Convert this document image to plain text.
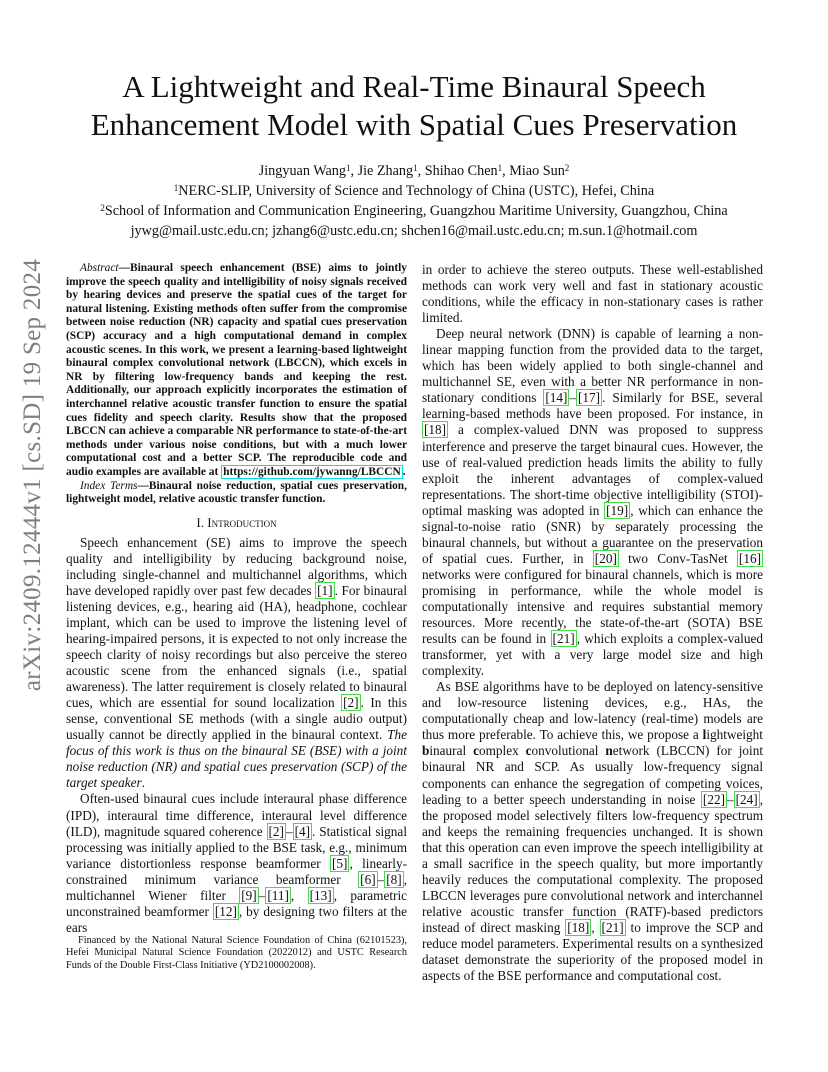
arXiv:2409.12444v1 [cs.SD] 19 Sep 2024
A Lightweight and Real-Time Binaural Speech
Enhancement Model with Spatial Cues Preservation
Jingyuan Wang$^1$, Jie Zhang$^1$, Shihao Chen$^1$, Miao Sun$^2$
$^1$NERC-SLIP, University of Science and Technology of China (USTC), Hefei, China
$^2$School of Information and Communication Engineering, Guangzhou Maritime University, Guangzhou, China
jywg@mail.ustc.edu.cn; jzhang6@ustc.edu.cn; shchen16@mail.ustc.edu.cn; m.sun.1@hotmail.com

Abstract—Binaural speech enhancement (BSE) aims to jointly improve the speech quality and intelligibility of noisy signals received by hearing devices and preserve the spatial cues of the target for natural listening. Existing methods often suffer from the compromise between noise reduction (NR) capacity and spatial cues preservation (SCP) accuracy and a high computational demand in complex acoustic scenes. In this work, we present a learning-based lightweight binaural complex convolutional network (LBCCN), which excels in NR by filtering low-frequency bands and keeping the rest. Additionally, our approach explicitly incorporates the estimation of interchannel relative acoustic transfer function to ensure the spatial cues fidelity and speech clarity. Results show that the proposed LBCCN can achieve a comparable NR performance to state-of-the-art methods under various noise conditions, but with a much lower computational cost and a better SCP. The reproducible code and audio examples are available at https://github.com/jywanng/LBCCN .

Index Terms—Binaural noise reduction, spatial cues preservation, lightweight model, relative acoustic transfer function.

I. Introduction

Speech enhancement (SE) aims to improve the speech quality and intelligibility by reducing background noise, including single-channel and multichannel algorithms, which have developed rapidly over past few decades [1] . For binaural listening devices, e.g., hearing aid (HA), headphone, cochlear implant, which can be used to improve the listening level of hearing-impaired persons, it is expected to not only increase the speech clarity of noisy recordings but also perceive the stereo acoustic scene from the enhanced signals (i.e., spatial awareness). The latter requirement is closely related to binaural cues, which are essential for sound localization [2] . In this sense, conventional SE methods (with a single audio output) usually cannot be directly applied in the binaural context. The focus of this work is thus on the binaural SE (BSE) with a joint noise reduction (NR) and spatial cues preservation (SCP) of the target speaker.

Often-used binaural cues include interaural phase difference (IPD), interaural time difference, interaural level difference (ILD), magnitude squared coherence [2] – [4] . Statistical signal processing was initially applied to the BSE task, e.g., minimum variance distortionless response beamformer [5] , linearly-constrained minimum variance beamformer [6] – [8] , multichannel Wiener filter [9] – [11] , [13] , parametric unconstrained beamformer [12] , by designing two filters at the ears

Financed by the National Natural Science Foundation of China (62101523), Hefei Municipal Natural Science Foundation (2022012) and USTC Research Funds of the Double First-Class Initiative (YD2100002008).

in order to achieve the stereo outputs. These well-established methods can work very well and fast in stationary acoustic conditions, while the efficacy in non-stationary cases is rather limited.

Deep neural network (DNN) is capable of learning a non-linear mapping function from the provided data to the target, which has been widely applied to both single-channel and multichannel SE, even with a better NR performance in non-stationary conditions [14] – [17] . Similarly for BSE, several learning-based methods have been proposed. For instance, in [18] a complex-valued DNN was proposed to suppress interference and preserve the target binaural cues. However, the use of real-valued prediction heads limits the ability to fully exploit the inherent advantages of complex-valued representations. The short-time objective intelligibility (STOI)-optimal masking was adopted in [19] , which can enhance the signal-to-noise ratio (SNR) by separately processing the binaural channels, but without a guarantee on the preservation of spatial cues. Further, in [20] two Conv-TasNet [16] networks were configured for binaural channels, which is more promising in performance, while the whole model is computationally intensive and requires substantial memory resources. More recently, the state-of-the-art (SOTA) BSE results can be found in [21] , which exploits a complex-valued transformer, yet with a very large model size and high complexity.

As BSE algorithms have to be deployed on latency-sensitive and low-resource listening devices, e.g., HAs, the computationally cheap and low-latency (real-time) models are thus more preferable. To achieve this, we propose a lightweight binaural complex convolutional network (LBCCN) for joint binaural NR and SCP. As usually low-frequency signal components can enhance the segregation of competing voices, leading to a better speech understanding in noise [22] – [24] , the proposed model selectively filters low-frequency spectrum and keeps the remaining frequencies unchanged. It is shown that this operation can even improve the speech intelligibility at a small sacrifice in the speech quality, but more importantly heavily reduces the computational complexity. The proposed LBCCN leverages pure convolutional network and interchannel relative acoustic transfer function (RATF)-based predictors instead of direct masking [18] , [21] to improve the SCP and reduce model parameters. Experimental results on a synthesized dataset demonstrate the superiority of the proposed model in aspects of the BSE performance and computational cost.
